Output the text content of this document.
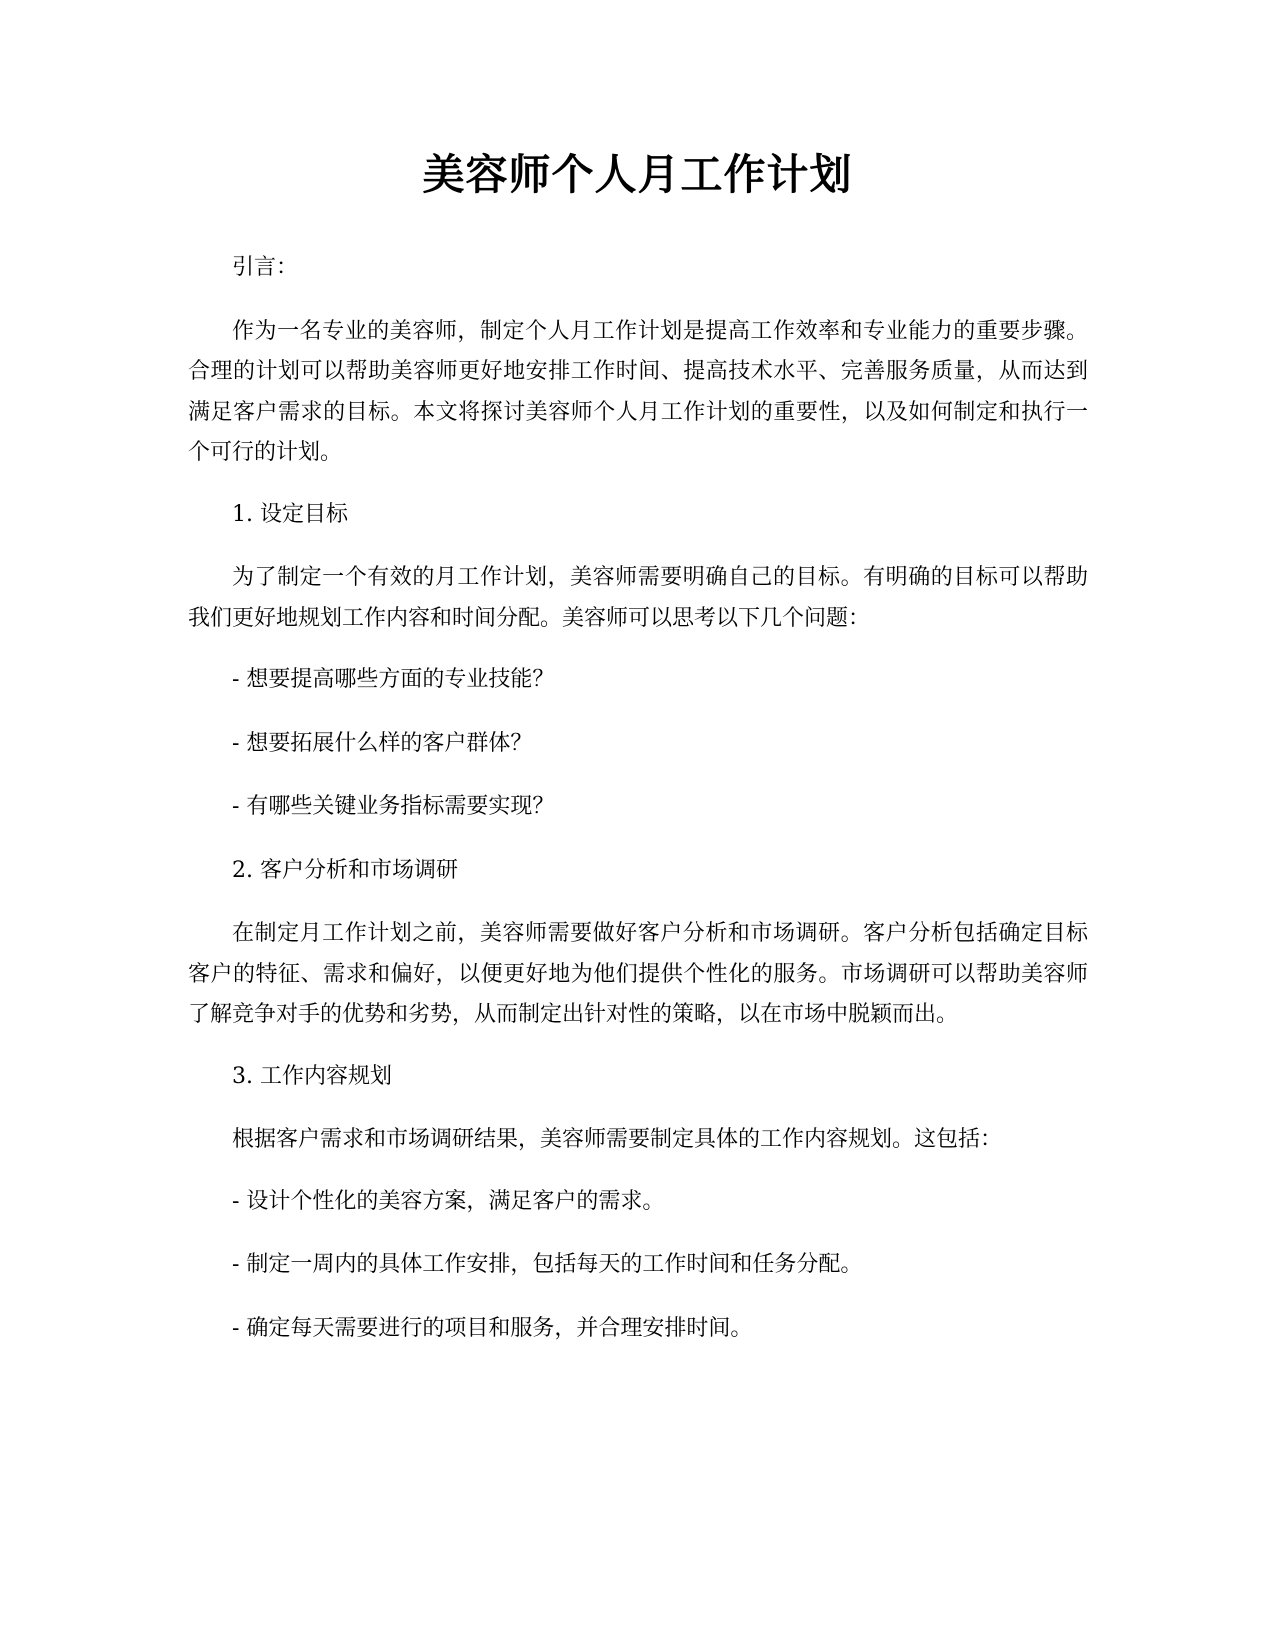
美容师个人月工作计划

引言：

作为一名专业的美容师，制定个人月工作计划是提高工作效率和专业能力的重要步骤。合理的计划可以帮助美容师更好地安排工作时间、提高技术水平、完善服务质量，从而达到满足客户需求的目标。本文将探讨美容师个人月工作计划的重要性，以及如何制定和执行一个可行的计划。

1. 设定目标

为了制定一个有效的月工作计划，美容师需要明确自己的目标。有明确的目标可以帮助我们更好地规划工作内容和时间分配。美容师可以思考以下几个问题：

- 想要提高哪些方面的专业技能？

- 想要拓展什么样的客户群体？

- 有哪些关键业务指标需要实现？

2. 客户分析和市场调研

在制定月工作计划之前，美容师需要做好客户分析和市场调研。客户分析包括确定目标客户的特征、需求和偏好，以便更好地为他们提供个性化的服务。市场调研可以帮助美容师了解竞争对手的优势和劣势，从而制定出针对性的策略，以在市场中脱颖而出。

3. 工作内容规划

根据客户需求和市场调研结果，美容师需要制定具体的工作内容规划。这包括：

- 设计个性化的美容方案，满足客户的需求。

- 制定一周内的具体工作安排，包括每天的工作时间和任务分配。

- 确定每天需要进行的项目和服务，并合理安排时间。
